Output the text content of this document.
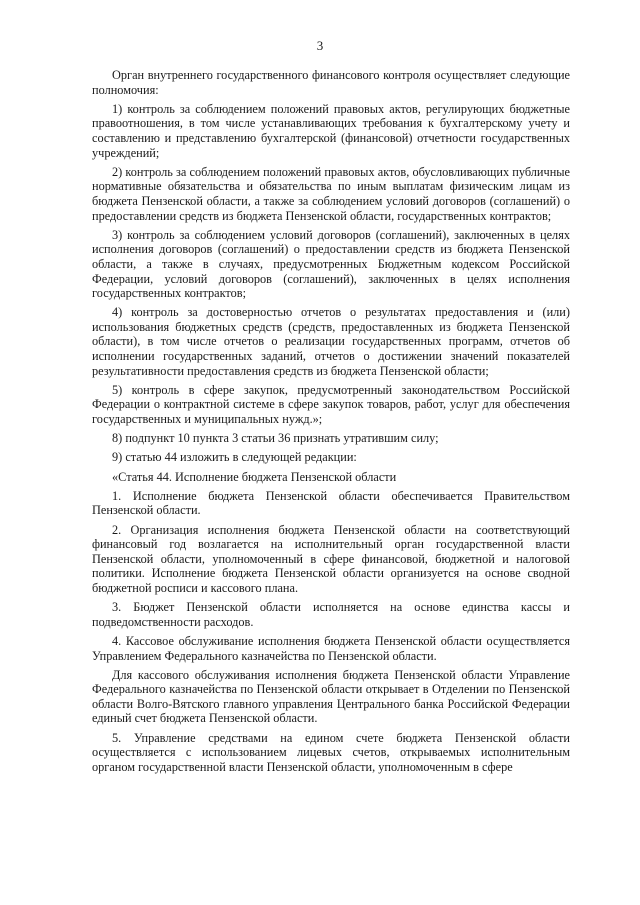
3

Орган внутреннего государственного финансового контроля осуществляет следующие полномочия:

1) контроль за соблюдением положений правовых актов, регулирующих бюджетные правоотношения, в том числе устанавливающих требования к бухгалтерскому учету и составлению и представлению бухгалтерской (финансовой) отчетности государственных учреждений;

2) контроль за соблюдением положений правовых актов, обусловливающих публичные нормативные обязательства и обязательства по иным выплатам физическим лицам из бюджета Пензенской области, а также за соблюдением условий договоров (соглашений) о предоставлении средств из бюджета Пензенской области, государственных контрактов;

3) контроль за соблюдением условий договоров (соглашений), заключенных в целях исполнения договоров (соглашений) о предоставлении средств из бюджета Пензенской области, а также в случаях, предусмотренных Бюджетным кодексом Российской Федерации, условий договоров (соглашений), заключенных в целях исполнения государственных контрактов;

4) контроль за достоверностью отчетов о результатах предоставления и (или) использования бюджетных средств (средств, предоставленных из бюджета Пензенской области), в том числе отчетов о реализации государственных программ, отчетов об исполнении государственных заданий, отчетов о достижении значений показателей результативности предоставления средств из бюджета Пензенской области;

5) контроль в сфере закупок, предусмотренный законодательством Российской Федерации о контрактной системе в сфере закупок товаров, работ, услуг для обеспечения государственных и муниципальных нужд.»;

8) подпункт 10 пункта 3 статьи 36 признать утратившим силу;

9) статью 44 изложить в следующей редакции:

«Статья 44. Исполнение бюджета Пензенской области

1. Исполнение бюджета Пензенской области обеспечивается Правительством Пензенской области.

2. Организация исполнения бюджета Пензенской области на соответствующий финансовый год возлагается на исполнительный орган государственной власти Пензенской области, уполномоченный в сфере финансовой, бюджетной и налоговой политики. Исполнение бюджета Пензенской области организуется на основе сводной бюджетной росписи и кассового плана.

3. Бюджет Пензенской области исполняется на основе единства кассы и подведомственности расходов.

4. Кассовое обслуживание исполнения бюджета Пензенской области осуществляется Управлением Федерального казначейства по Пензенской области.

Для кассового обслуживания исполнения бюджета Пензенской области Управление Федерального казначейства по Пензенской области открывает в Отделении по Пензенской области Волго-Вятского главного управления Центрального банка Российской Федерации единый счет бюджета Пензенской области.

5. Управление средствами на едином счете бюджета Пензенской области осуществляется с использованием лицевых счетов, открываемых исполнительным органом государственной власти Пензенской области, уполномоченным в сфере
